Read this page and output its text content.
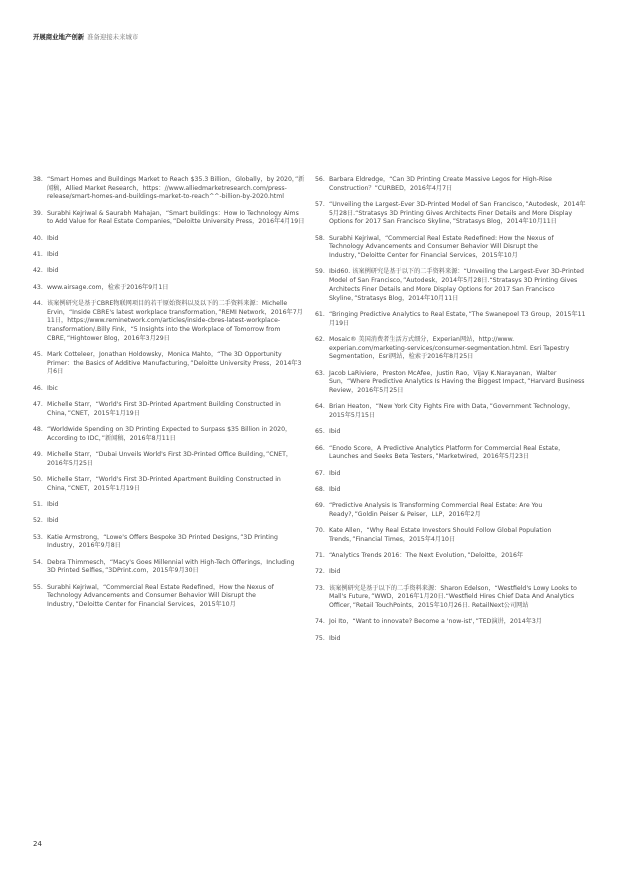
开展商业地产创新 准备迎接未来城市
38. “Smart Homes and Buildings Market to Reach $35.3 Billion，Globally，by 2020，”新闻稿，Allied Market Research，https：//www.alliedmarketresearch.com/press-release/smart-homes-and-buildings-market-to-reach^^-billion-by-2020.html
39. Surabhi Kejriwal & Saurabh Mahajan，“Smart buildings：How Io Technology Aims to Add Value for Real Estate Companies，”Deloitte University Press，2016年4月19日
40. Ibid
41. Ibid
42. Ibid
43. www.airsage.com，检索于2016年9月1日
44. 该案例研究是基于CBRE物联网项目的若干原始资料以及以下的二手资料来源：Michelle Ervin，“Inside CBRE's latest workplace transformation，”REMI Network，2016年7月11日，https://www.reminetwork.com/articles/inside-cbres-latest-workplace-transformation/.Billy Fink，“5 Insights into the Workplace of Tomorrow from CBRE，”Hightower Blog，2016年3月29日
45. Mark Cotteleer，Jonathan Holdowsky，Monica Mahto，“The 3D Opportunity Primer：the Basics of Additive Manufacturing，”Deloitte University Press，2014年3月6日
46. Ibic
47. Michelle Starr，“World's First 3D-Printed Apartment Building Constructed in China，”CNET，2015年1月19日
48. “Worldwide Spending on 3D Printing Expected to Surpass $35 Billion in 2020，According to IDC，”新闻稿，2016年8月11日
49. Michelle Starr，“Dubai Unveils World's First 3D-Printed Office Building，”CNET，2016年5月25日
50. Michelle Starr，“World's First 3D-Printed Apartment Building Constructed in China，”CNET，2015年1月19日
51. Ibid
52. Ibid
53. Katie Armstrong，“Lowe's Offers Bespoke 3D Printed Designs，”3D Printing Industry，2016年9月8日
54. Debra Thimmesch，“Macy's Goes Millennial with High-Tech Offerings，Including 3D Printed Selfies，”3DPrint.com，2015年9月30日
55. Surabhi Kejriwal，“Commercial Real Estate Redefined，How the Nexus of Technology Advancements and Consumer Behavior Will Disrupt the Industry，”Deloitte Center for Financial Services，2015年10月
56. Barbara Eldredge，“Can 3D Printing Create Massive Legos for High-Rise Construction？”CURBED，2016年4月7日
57. “Unveiling the Largest-Ever 3D-Printed Model of San Francisco，”Autodesk，2014年5月28日.“Stratasys 3D Printing Gives Architects Finer Details and More Display Options for 2017 San Francisco Skyline，”Stratasys Blog，2014年10月11日
58. Surabhi Kejriwal，“Commercial Real Estate Redefined: How the Nexus of Technology Advancements and Consumer Behavior Will Disrupt the Industry，”Deloitte Center for Financial Services，2015年10月
59. Ibid60. 该案例研究是基于以下的二手资料来源：“Unveiling the Largest-Ever 3D-Printed Model of San Francisco，”Autodesk，2014年5月28日.“Stratasys 3D Printing Gives Architects Finer Details and More Display Options for 2017 San Francisco Skyline，”Stratasys Blog，2014年10月11日
61. “Bringing Predictive Analytics to Real Estate，”The Swanepoel T3 Group，2015年11月19日
62. Mosaic® 美国消费者生活方式细分，Experian网站，http://www. experian.com/marketing-services/consumer-segmentation.html. Esri Tapestry Segmentation，Esri网站，检索于2016年8月25日
63. Jacob LaRiviere，Preston McAfee，Justin Rao，Vijay K.Narayanan，Walter Sun，“Where Predictive Analytics Is Having the Biggest Impact，”Harvard Business Review，2016年5月25日
64. Brian Heaton，“New York City Fights Fire with Data，”Government Technology，2015年5月15日
65. Ibid
66. “Enodo Score，A Predictive Analytics Platform for Commercial Real Estate，Launches and Seeks Beta Testers，”Marketwired，2016年5月23日
67. Ibid
68. Ibid
69. “Predictive Analysis Is Transforming Commercial Real Estate: Are You Ready?，”Goldin Peiser & Peiser，LLP，2016年2月
70. Kate Allen，“Why Real Estate Investors Should Follow Global Population Trends，”Financial Times，2015年4月10日
71. “Analytics Trends 2016：The Next Evolution，”Deloitte，2016年
72. Ibid
73. 该案例研究是基于以下的二手资料来源：Sharon Edelson，“Westfield's Lowy Looks to Mall's Future，”WWD，2016年1月20日.“Westfield Hires Chief Data And Analytics Officer，”Retail TouchPoints，2015年10月26日. RetailNext公司网站
74. Joi Ito，“Want to innovate? Become a 'now-ist'，”TED演讲，2014年3月
75. Ibid
24
